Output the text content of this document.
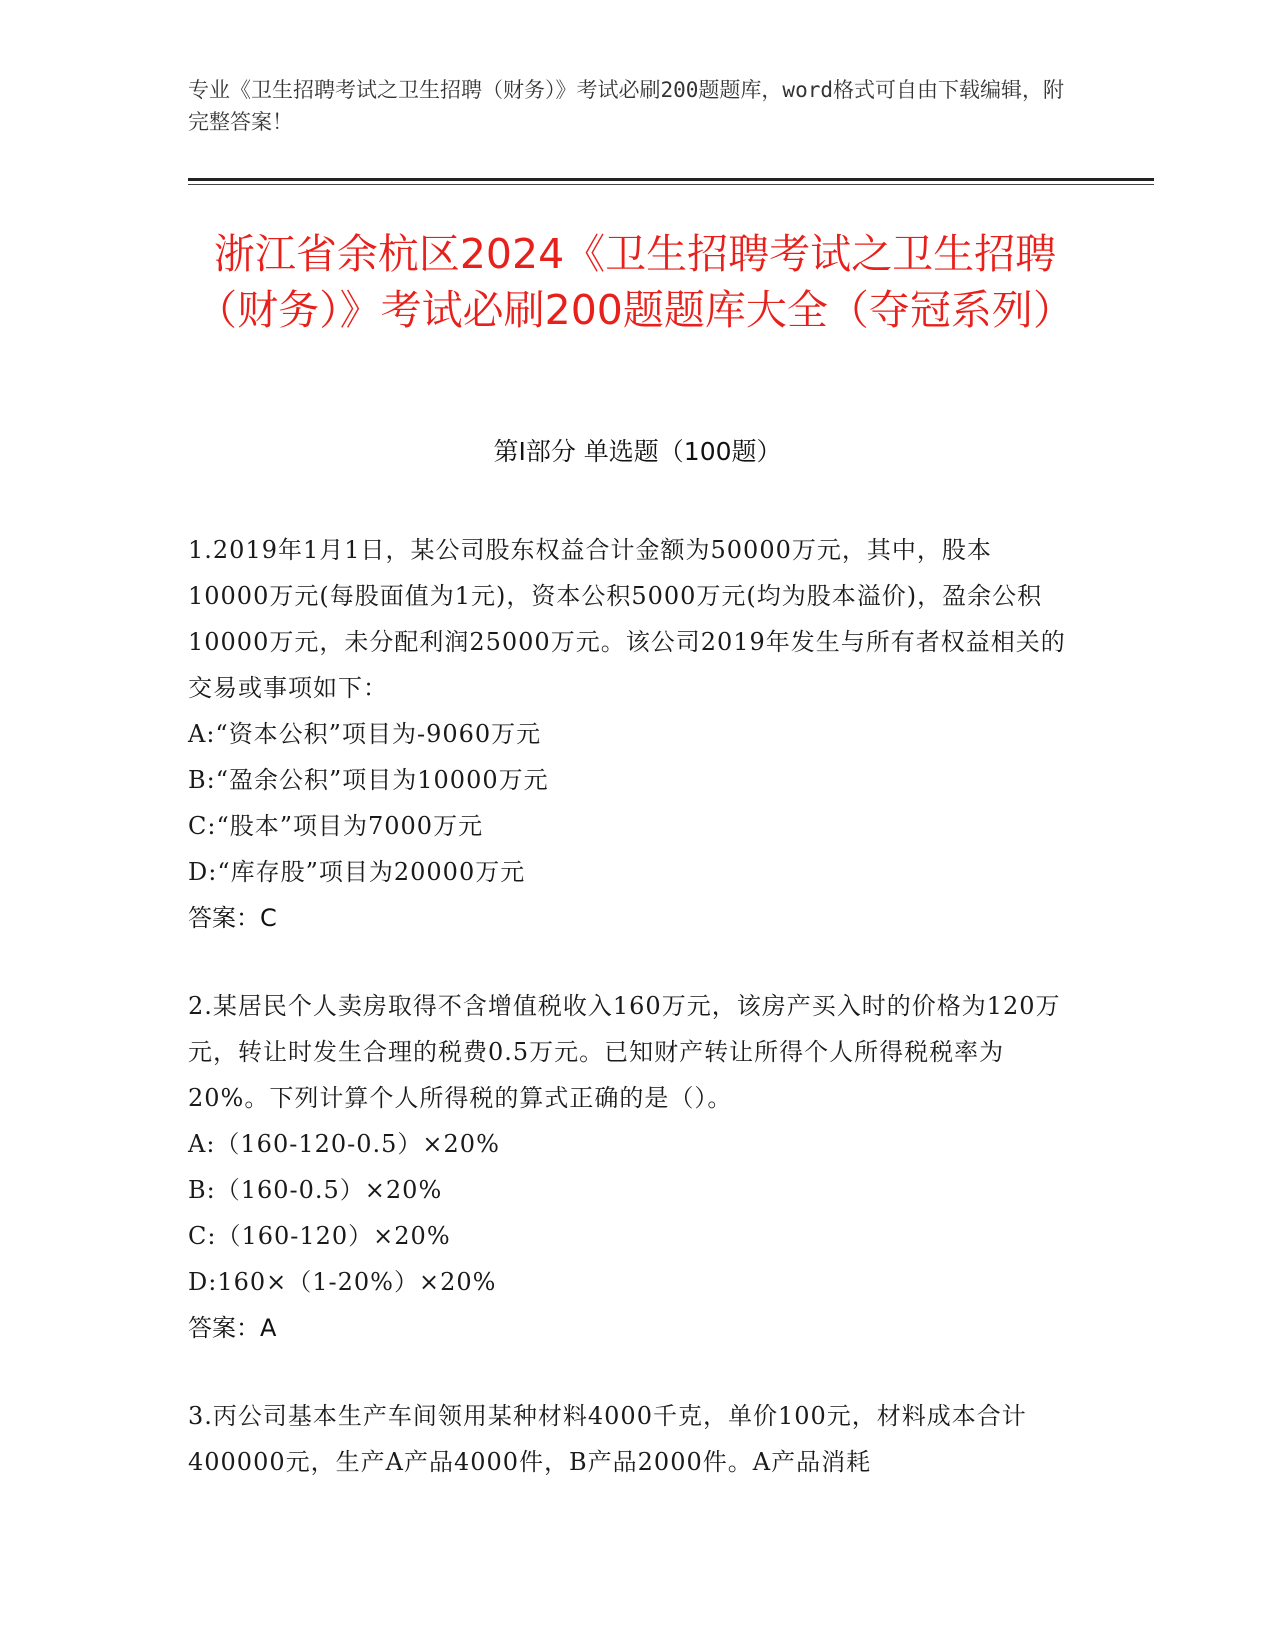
专业《卫生招聘考试之卫生招聘（财务）》考试必刷200题题库，word格式可自由下载编辑，附完整答案！
浙江省余杭区2024《卫生招聘考试之卫生招聘（财务）》考试必刷200题题库大全（夺冠系列）
第I部分 单选题（100题）
1.2019年1月1日，某公司股东权益合计金额为50000万元，其中，股本10000万元(每股面值为1元)，资本公积5000万元(均为股本溢价)，盈余公积10000万元，未分配利润25000万元。该公司2019年发生与所有者权益相关的交易或事项如下：
A:“资本公积”项目为-9060万元
B:“盈余公积”项目为10000万元
C:“股本”项目为7000万元
D:“库存股”项目为20000万元
答案：C
2.某居民个人卖房取得不含增值税收入160万元，该房产买入时的价格为120万元，转让时发生合理的税费0.5万元。已知财产转让所得个人所得税税率为20%。下列计算个人所得税的算式正确的是（）。
A:（160-120-0.5）×20%
B:（160-0.5）×20%
C:（160-120）×20%
D:160×（1-20%）×20%
答案：A
3.丙公司基本生产车间领用某种材料4000千克，单价100元，材料成本合计400000元，生产A产品4000件，B产品2000件。A产品消耗
